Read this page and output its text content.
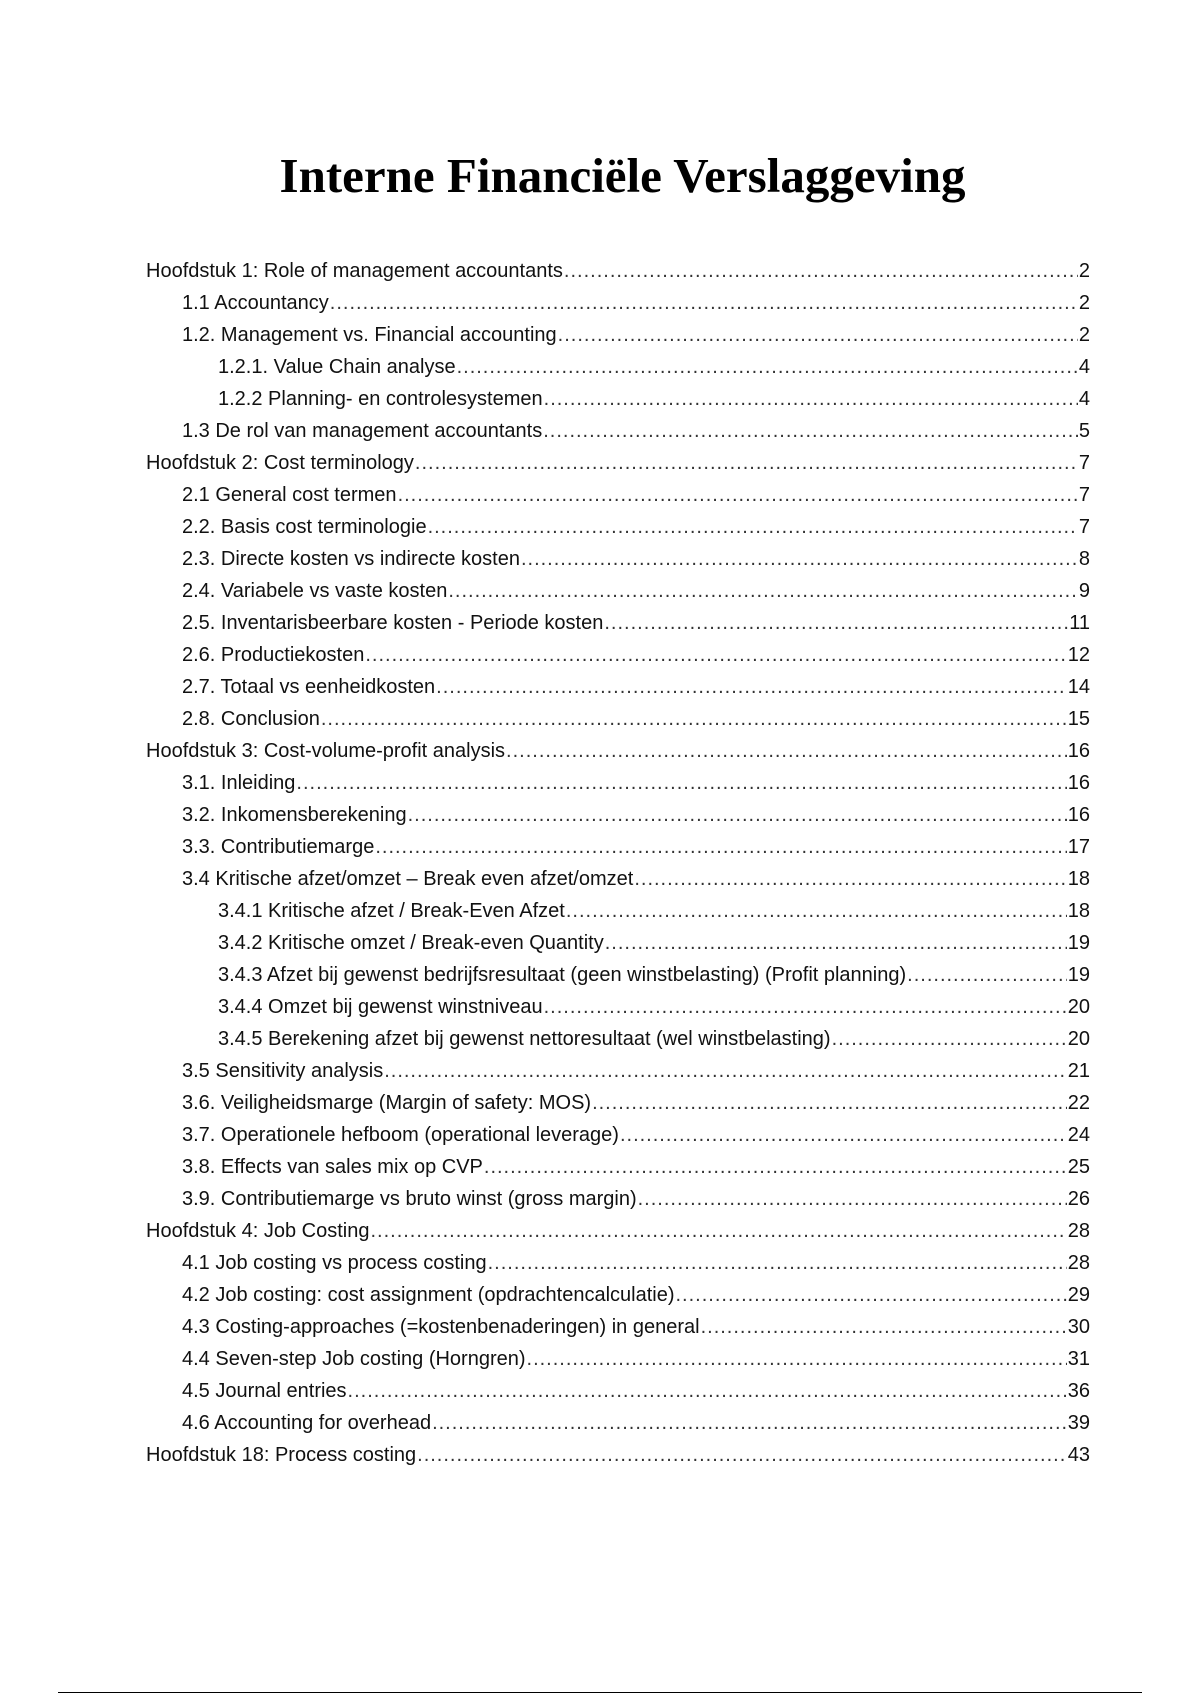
Interne Financiële Verslaggeving
Hoofdstuk 1: Role of management accountants .....	2
1.1 Accountancy .....	2
1.2. Management vs. Financial accounting .....	2
1.2.1. Value Chain analyse .....	4
1.2.2 Planning- en controlesystemen .....	4
1.3 De rol van management accountants .....	5
Hoofdstuk 2: Cost terminology .....	7
2.1 General cost termen .....	7
2.2. Basis cost terminologie .....	7
2.3. Directe kosten vs indirecte kosten .....	8
2.4. Variabele vs vaste kosten .....	9
2.5. Inventarisbeerbare kosten - Periode kosten .....	11
2.6. Productiekosten .....	12
2.7. Totaal vs eenheidkosten .....	14
2.8. Conclusion .....	15
Hoofdstuk 3: Cost-volume-profit analysis .....	16
3.1. Inleiding .....	16
3.2. Inkomensberekening .....	16
3.3. Contributiemarge .....	17
3.4 Kritische afzet/omzet – Break even afzet/omzet .....	18
3.4.1 Kritische afzet / Break-Even Afzet .....	18
3.4.2 Kritische omzet / Break-even Quantity .....	19
3.4.3 Afzet bij gewenst bedrijfsresultaat (geen winstbelasting) (Profit planning) .....	19
3.4.4 Omzet bij gewenst winstniveau .....	20
3.4.5 Berekening afzet bij gewenst nettoresultaat (wel winstbelasting) .....	20
3.5 Sensitivity analysis .....	21
3.6. Veiligheidsmarge (Margin of safety: MOS) .....	22
3.7. Operationele hefboom (operational leverage) .....	24
3.8. Effects van sales mix op CVP .....	25
3.9. Contributiemarge vs bruto winst (gross margin) .....	26
Hoofdstuk 4: Job Costing .....	28
4.1 Job costing vs process costing .....	28
4.2 Job costing: cost assignment (opdrachtencalculatie) .....	29
4.3 Costing-approaches (=kostenbenaderingen) in general .....	30
4.4 Seven-step Job costing (Horngren) .....	31
4.5 Journal entries .....	36
4.6 Accounting for overhead .....	39
Hoofdstuk 18: Process costing .....	43
